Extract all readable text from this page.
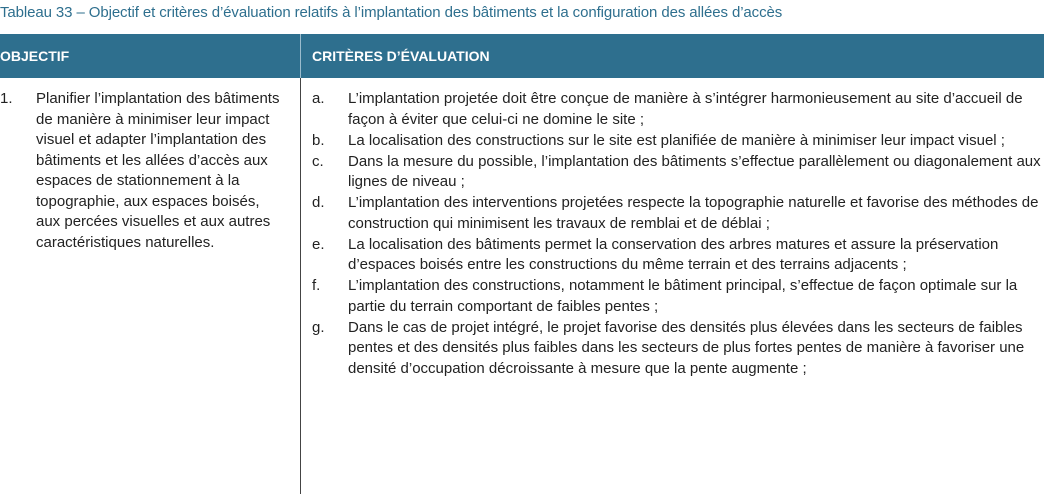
Tableau 33 – Objectif et critères d’évaluation relatifs à l’implantation des bâtiments et la configuration des allées d’accès
OBJECTIF	CRITÈRES D’ÉVALUATION
1. Planifier l’implantation des bâtiments de manière à minimiser leur impact visuel et adapter l’implantation des bâtiments et les allées d’accès aux espaces de stationnement à la topographie, aux espaces boisés, aux percées visuelles et aux autres caractéristiques naturelles.
a. L’implantation projetée doit être conçue de manière à s’intégrer harmonieusement au site d’accueil de façon à éviter que celui-ci ne domine le site ;
b. La localisation des constructions sur le site est planifiée de manière à minimiser leur impact visuel ;
c. Dans la mesure du possible, l’implantation des bâtiments s’effectue parallèlement ou diagonalement aux lignes de niveau ;
d. L’implantation des interventions projetées respecte la topographie naturelle et favorise des méthodes de construction qui minimisent les travaux de remblai et de déblai ;
e. La localisation des bâtiments permet la conservation des arbres matures et assure la préservation d’espaces boisés entre les constructions du même terrain et des terrains adjacents ;
f. L’implantation des constructions, notamment le bâtiment principal, s’effectue de façon optimale sur la partie du terrain comportant de faibles pentes ;
g. Dans le cas de projet intégré, le projet favorise des densités plus élevées dans les secteurs de faibles pentes et des densités plus faibles dans les secteurs de plus fortes pentes de manière à favoriser une densité d’occupation décroissante à mesure que la pente augmente ;
